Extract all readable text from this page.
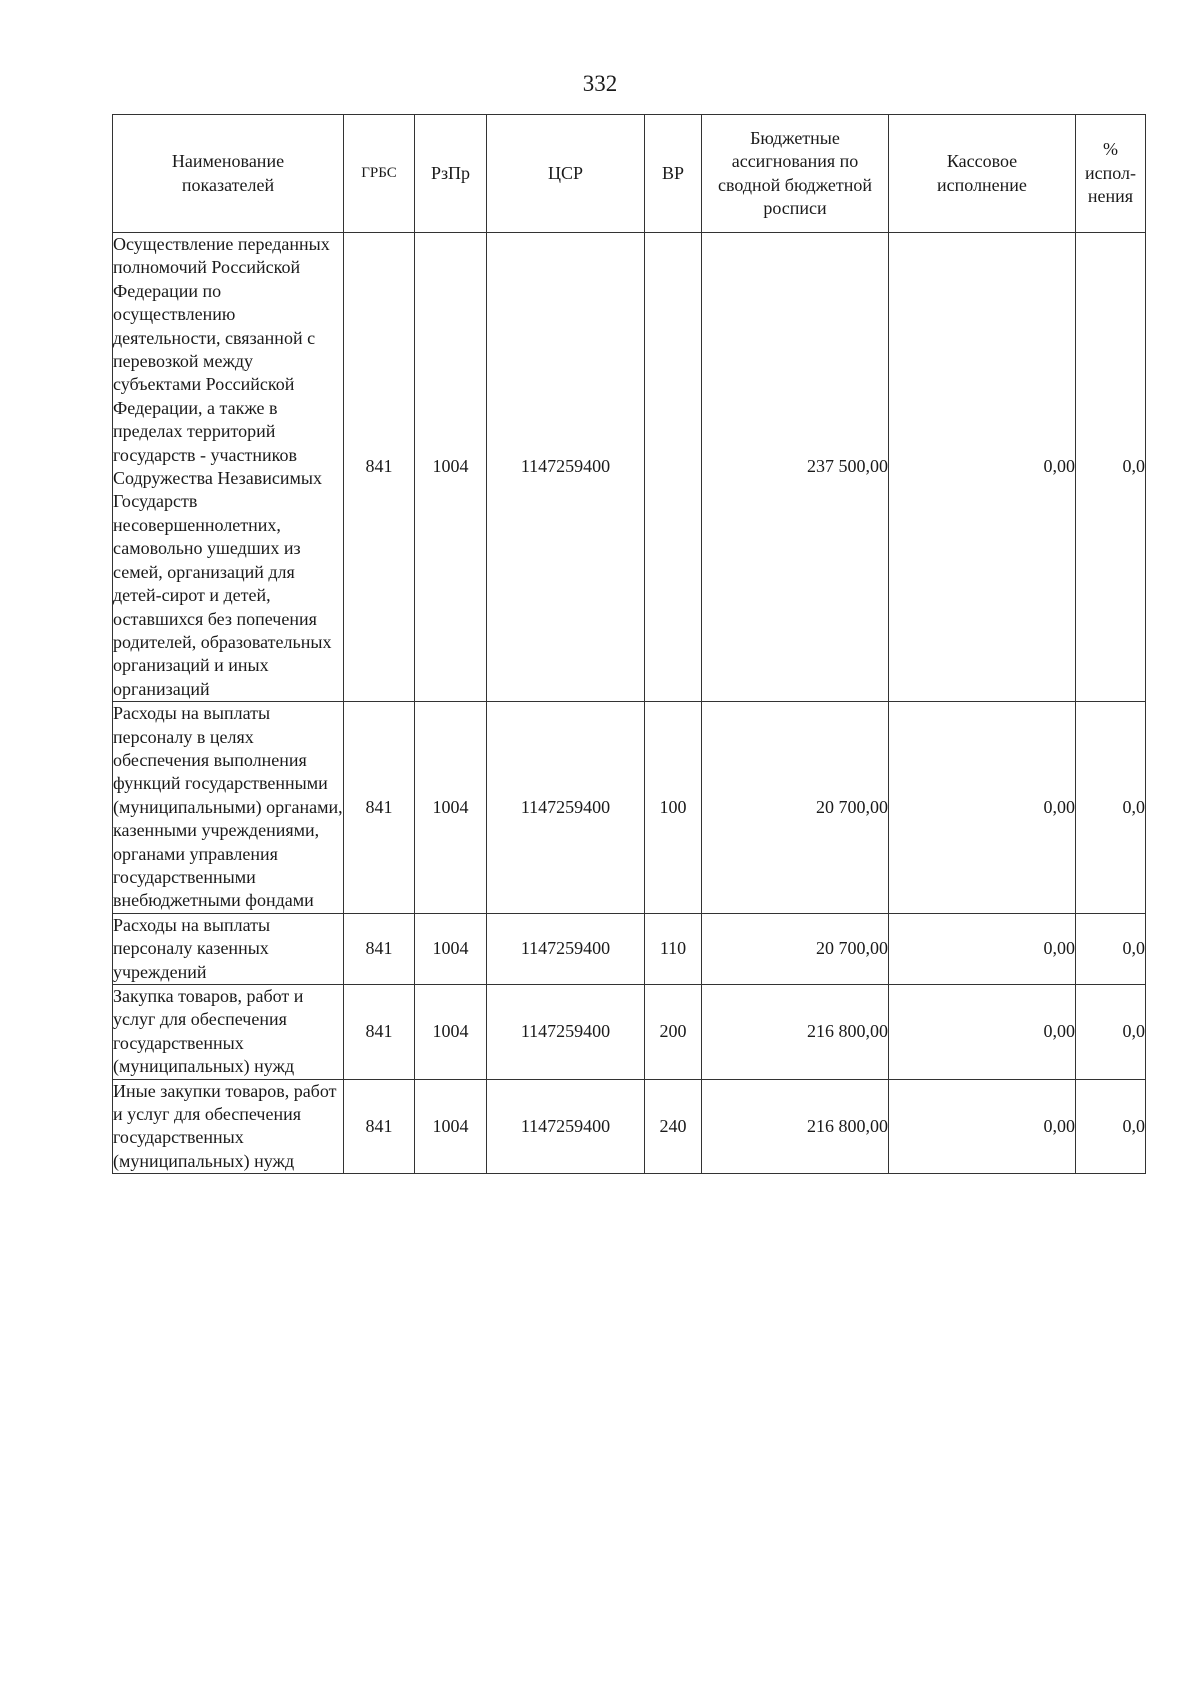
332
Наименование показателей	ГРБС	РзПр	ЦСР	ВР	Бюджетные ассигнования по сводной бюджетной росписи	Кассовое исполнение	% испол-нения
Осуществление переданных полномочий Российской Федерации по осуществлению деятельности, связанной с перевозкой между субъектами Российской Федерации, а также в пределах территорий государств - участников Содружества Независимых Государств несовершеннолетних, самовольно ушедших из семей, организаций для детей-сирот и детей, оставшихся без попечения родителей, образовательных организаций и иных организаций	841	1004	1147259400		237 500,00	0,00	0,0
Расходы на выплаты персоналу в целях обеспечения выполнения функций государственными (муниципальными) органами, казенными учреждениями, органами управления государственными внебюджетными фондами	841	1004	1147259400	100	20 700,00	0,00	0,0
Расходы на выплаты персоналу казенных учреждений	841	1004	1147259400	110	20 700,00	0,00	0,0
Закупка товаров, работ и услуг для обеспечения государственных (муниципальных) нужд	841	1004	1147259400	200	216 800,00	0,00	0,0
Иные закупки товаров, работ и услуг для обеспечения государственных (муниципальных) нужд	841	1004	1147259400	240	216 800,00	0,00	0,0
